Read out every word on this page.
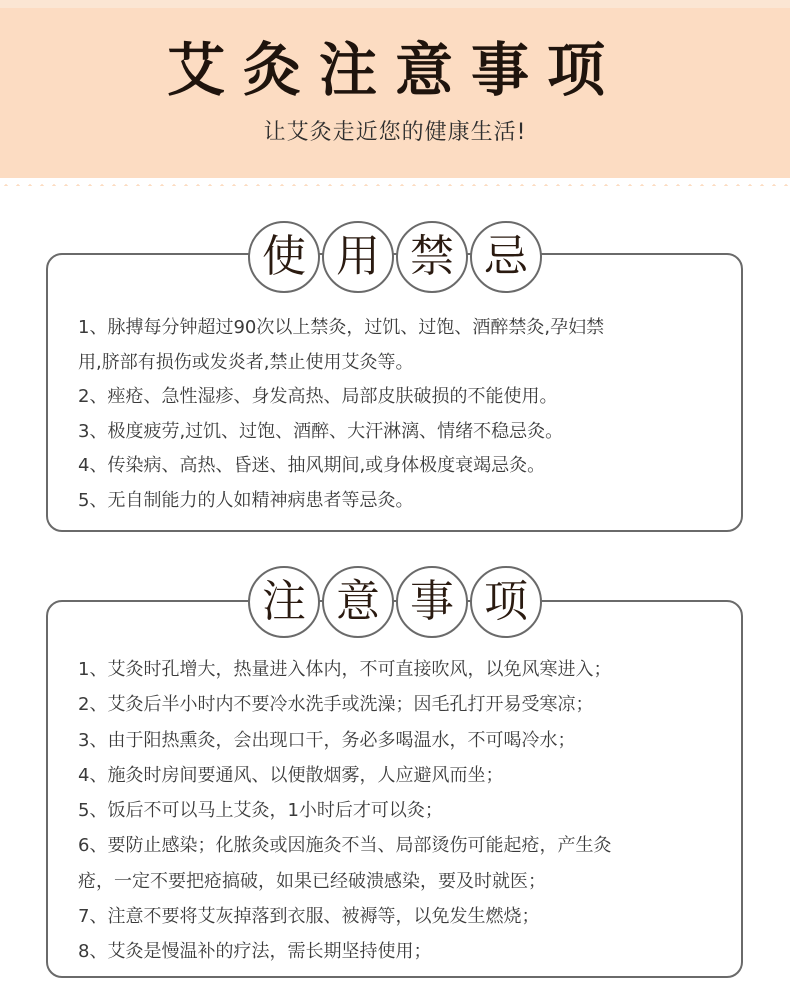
艾灸注意事项
让艾灸走近您的健康生活!
1、脉搏每分钟超过90次以上禁灸，过饥、过饱、酒醉禁灸,孕妇禁
用,脐部有损伤或发炎者,禁止使用艾灸等。
2、痤疮、急性湿疹、身发高热、局部皮肤破损的不能使用。
3、极度疲劳,过饥、过饱、酒醉、大汗淋漓、情绪不稳忌灸。
4、传染病、高热、昏迷、抽风期间,或身体极度衰竭忌灸。
5、无自制能力的人如精神病患者等忌灸。
使 用 禁 忌
1、艾灸时孔增大，热量进入体内，不可直接吹风，以免风寒进入；
2、艾灸后半小时内不要冷水洗手或洗澡；因毛孔打开易受寒凉；
3、由于阳热熏灸，会出现口干，务必多喝温水，不可喝冷水；
4、施灸时房间要通风、以便散烟雾，人应避风而坐；
5、饭后不可以马上艾灸，1小时后才可以灸；
6、要防止感染；化脓灸或因施灸不当、局部烫伤可能起疮，产生灸
疮，一定不要把疮搞破，如果已经破溃感染，要及时就医；
7、注意不要将艾灰掉落到衣服、被褥等，以免发生燃烧；
8、艾灸是慢温补的疗法，需长期坚持使用；
注 意 事 项
